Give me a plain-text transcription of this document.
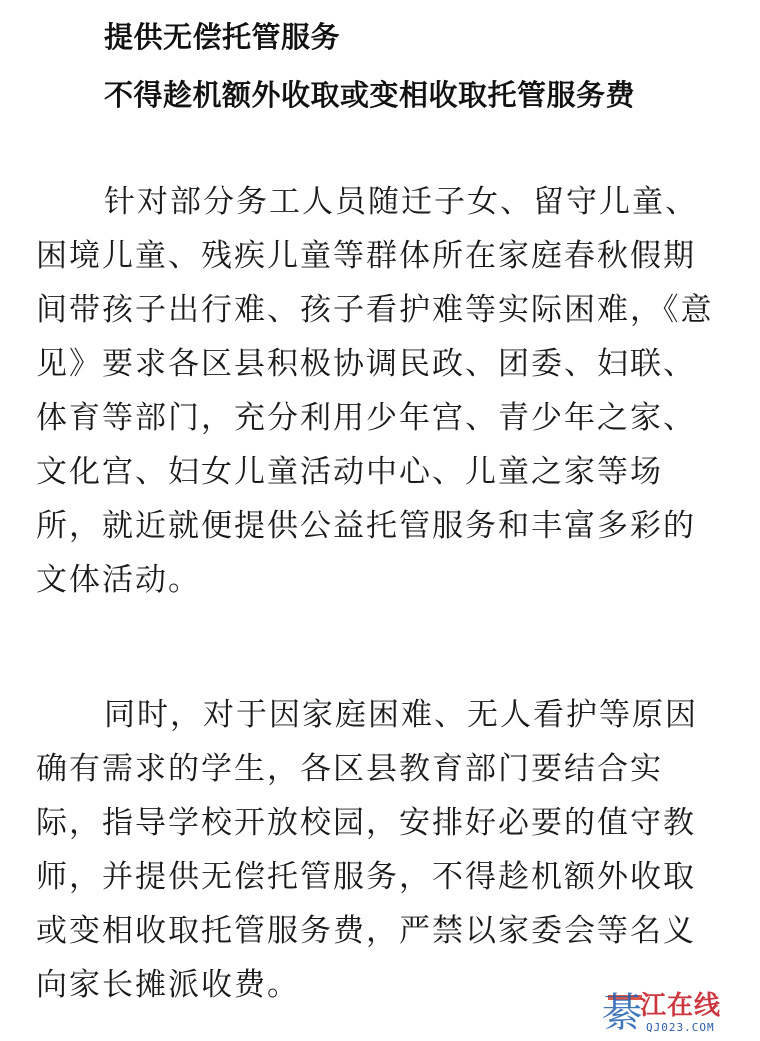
提供无偿托管服务
不得趁机额外收取或变相收取托管服务费

针对部分务工人员随迁子女、留守儿童、困境儿童、残疾儿童等群体所在家庭春秋假期间带孩子出行难、孩子看护难等实际困难，《意见》要求各区县积极协调民政、团委、妇联、体育等部门，充分利用少年宫、青少年之家、文化宫、妇女儿童活动中心、儿童之家等场所，就近就便提供公益托管服务和丰富多彩的文体活动。

同时，对于因家庭困难、无人看护等原因确有需求的学生，各区县教育部门要结合实际，指导学校开放校园，安排好必要的值守教师，并提供无偿托管服务，不得趁机额外收取或变相收取托管服务费，严禁以家委会等名义向家长摊派收费。

綦
江在线
QJ023.COM
